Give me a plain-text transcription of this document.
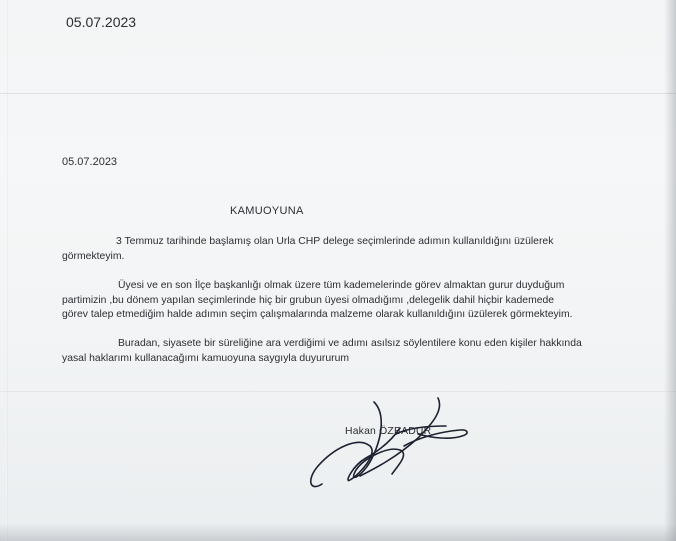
05.07.2023
05.07.2023
KAMUOYUNA
3 Temmuz tarihinde başlamış olan Urla CHP delege seçimlerinde adımın kullanıldığını üzülerek
görmekteyim.
Üyesi ve en son İlçe başkanlığı olmak üzere tüm kademelerinde görev almaktan gurur duyduğum
partimizin ,bu dönem yapılan seçimlerinde hiç bir grubun üyesi olmadığımı ,delegelik dahil hiçbir kademede
görev talep etmediğim halde adımın seçim çalışmalarında malzeme olarak kullanıldığını üzülerek görmekteyim.
Buradan, siyasete bir süreliğine ara verdiğimi ve adımı asılsız söylentilere konu eden kişiler hakkında
yasal haklarımı kullanacağımı kamuoyuna saygıyla duyururum
Hakan ÖZBADUR
